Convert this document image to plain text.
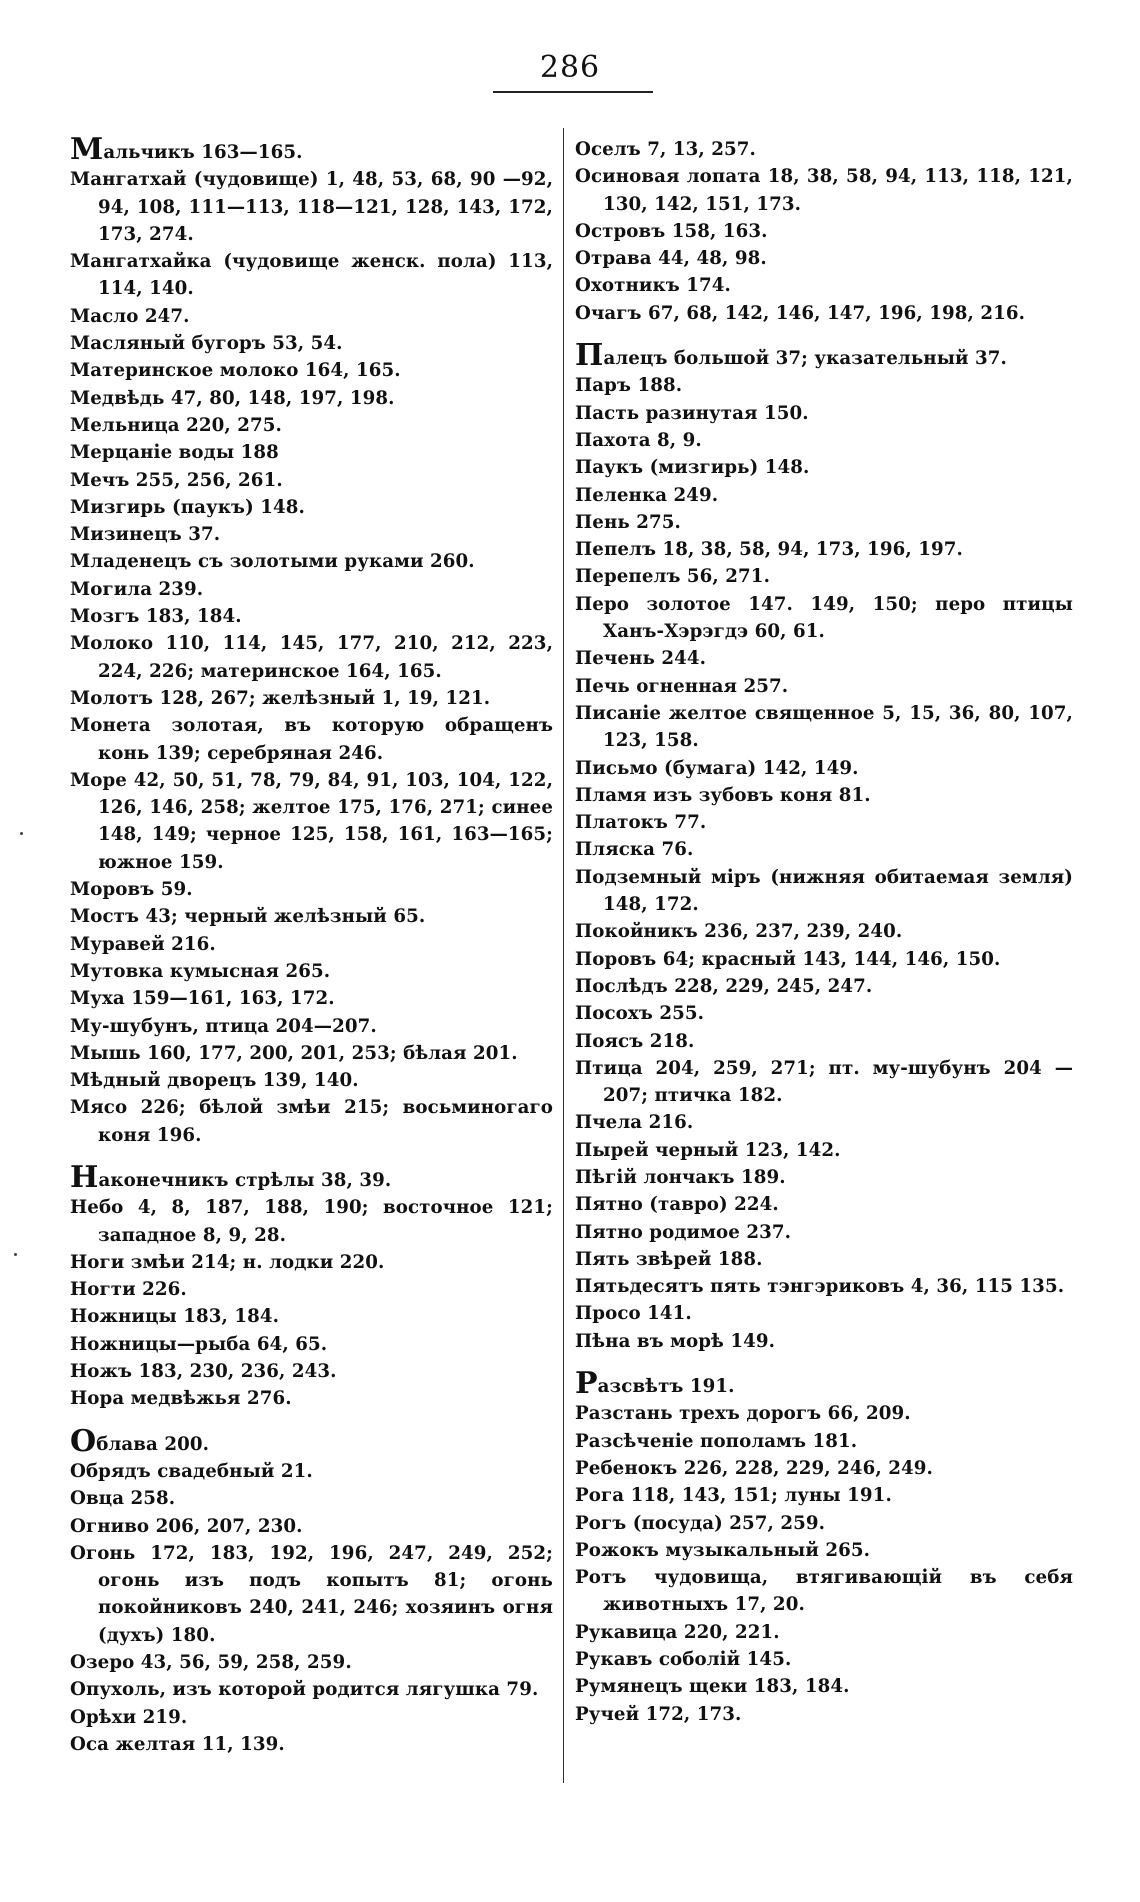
286

Мальчикъ 163—165.

Мангатхай (чудовище) 1, 48, 53, 68, 90 —92, 94, 108, 111—113, 118—121, 128, 143, 172, 173, 274.

Мангатхайка (чудовище женск. пола) 113, 114, 140.

Масло 247.

Масляный бугоръ 53, 54.

Материнское молоко 164, 165.

Медвѣдь 47, 80, 148, 197, 198.

Мельница 220, 275.

Мерцаніе воды 188

Мечъ 255, 256, 261.

Мизгирь (паукъ) 148.

Мизинецъ 37.

Младенецъ съ золотыми руками 260.

Могила 239.

Мозгъ 183, 184.

Молоко 110, 114, 145, 177, 210, 212, 223, 224, 226; материнское 164, 165.

Молотъ 128, 267; желѣзный 1, 19, 121.

Монета золотая, въ которую обращенъ конь 139; серебряная 246.

Море 42, 50, 51, 78, 79, 84, 91, 103, 104, 122, 126, 146, 258; желтое 175, 176, 271; синее 148, 149; черное 125, 158, 161, 163—165; южное 159.

Моровъ 59.

Мостъ 43; черный желѣзный 65.

Муравей 216.

Мутовка кумысная 265.

Муха 159—161, 163, 172.

Му-шубунъ, птица 204—207.

Мышь 160, 177, 200, 201, 253; бѣлая 201.

Мѣдный дворецъ 139, 140.

Мясо 226; бѣлой змѣи 215; восьминогаго коня 196.

Наконечникъ стрѣлы 38, 39.

Небо 4, 8, 187, 188, 190; восточное 121; западное 8, 9, 28.

Ноги змѣи 214; н. лодки 220.

Ногти 226.

Ножницы 183, 184.

Ножницы—рыба 64, 65.

Ножъ 183, 230, 236, 243.

Нора медвѣжья 276.

Облава 200.

Обрядъ свадебный 21.

Овца 258.

Огниво 206, 207, 230.

Огонь 172, 183, 192, 196, 247, 249, 252; огонь изъ подъ копытъ 81; огонь покойниковъ 240, 241, 246; хозяинъ огня (духъ) 180.

Озеро 43, 56, 59, 258, 259.

Опухоль, изъ которой родится лягушка 79.

Орѣхи 219.

Оса желтая 11, 139.

Оселъ 7, 13, 257.

Осиновая лопата 18, 38, 58, 94, 113, 118, 121, 130, 142, 151, 173.

Островъ 158, 163.

Отрава 44, 48, 98.

Охотникъ 174.

Очагъ 67, 68, 142, 146, 147, 196, 198, 216.

Палецъ большой 37; указательный 37.

Паръ 188.

Пасть разинутая 150.

Пахота 8, 9.

Паукъ (мизгирь) 148.

Пеленка 249.

Пень 275.

Пепелъ 18, 38, 58, 94, 173, 196, 197.

Перепелъ 56, 271.

Перо золотое 147. 149, 150; перо птицы Ханъ-Хэрэгдэ 60, 61.

Печень 244.

Печь огненная 257.

Писаніе желтое священное 5, 15, 36, 80, 107, 123, 158.

Письмо (бумага) 142, 149.

Пламя изъ зубовъ коня 81.

Платокъ 77.

Пляска 76.

Подземный міръ (нижняя обитаемая земля) 148, 172.

Покойникъ 236, 237, 239, 240.

Поровъ 64; красный 143, 144, 146, 150.

Послѣдъ 228, 229, 245, 247.

Посохъ 255.

Поясъ 218.

Птица 204, 259, 271; пт. му-шубунъ 204 —207; птичка 182.

Пчела 216.

Пырей черный 123, 142.

Пѣгій лончакъ 189.

Пятно (тавро) 224.

Пятно родимое 237.

Пять звѣрей 188.

Пятьдесятъ пять тэнгэриковъ 4, 36, 115 135.

Просо 141.

Пѣна въ морѣ 149.

Разсвѣтъ 191.

Разстань трехъ дорогъ 66, 209.

Разсѣченіе пополамъ 181.

Ребенокъ 226, 228, 229, 246, 249.

Рога 118, 143, 151; луны 191.

Рогъ (посуда) 257, 259.

Рожокъ музыкальный 265.

Ротъ чудовища, втягивающій въ себя животныхъ 17, 20.

Рукавица 220, 221.

Рукавъ соболій 145.

Румянецъ щеки 183, 184.

Ручей 172, 173.
